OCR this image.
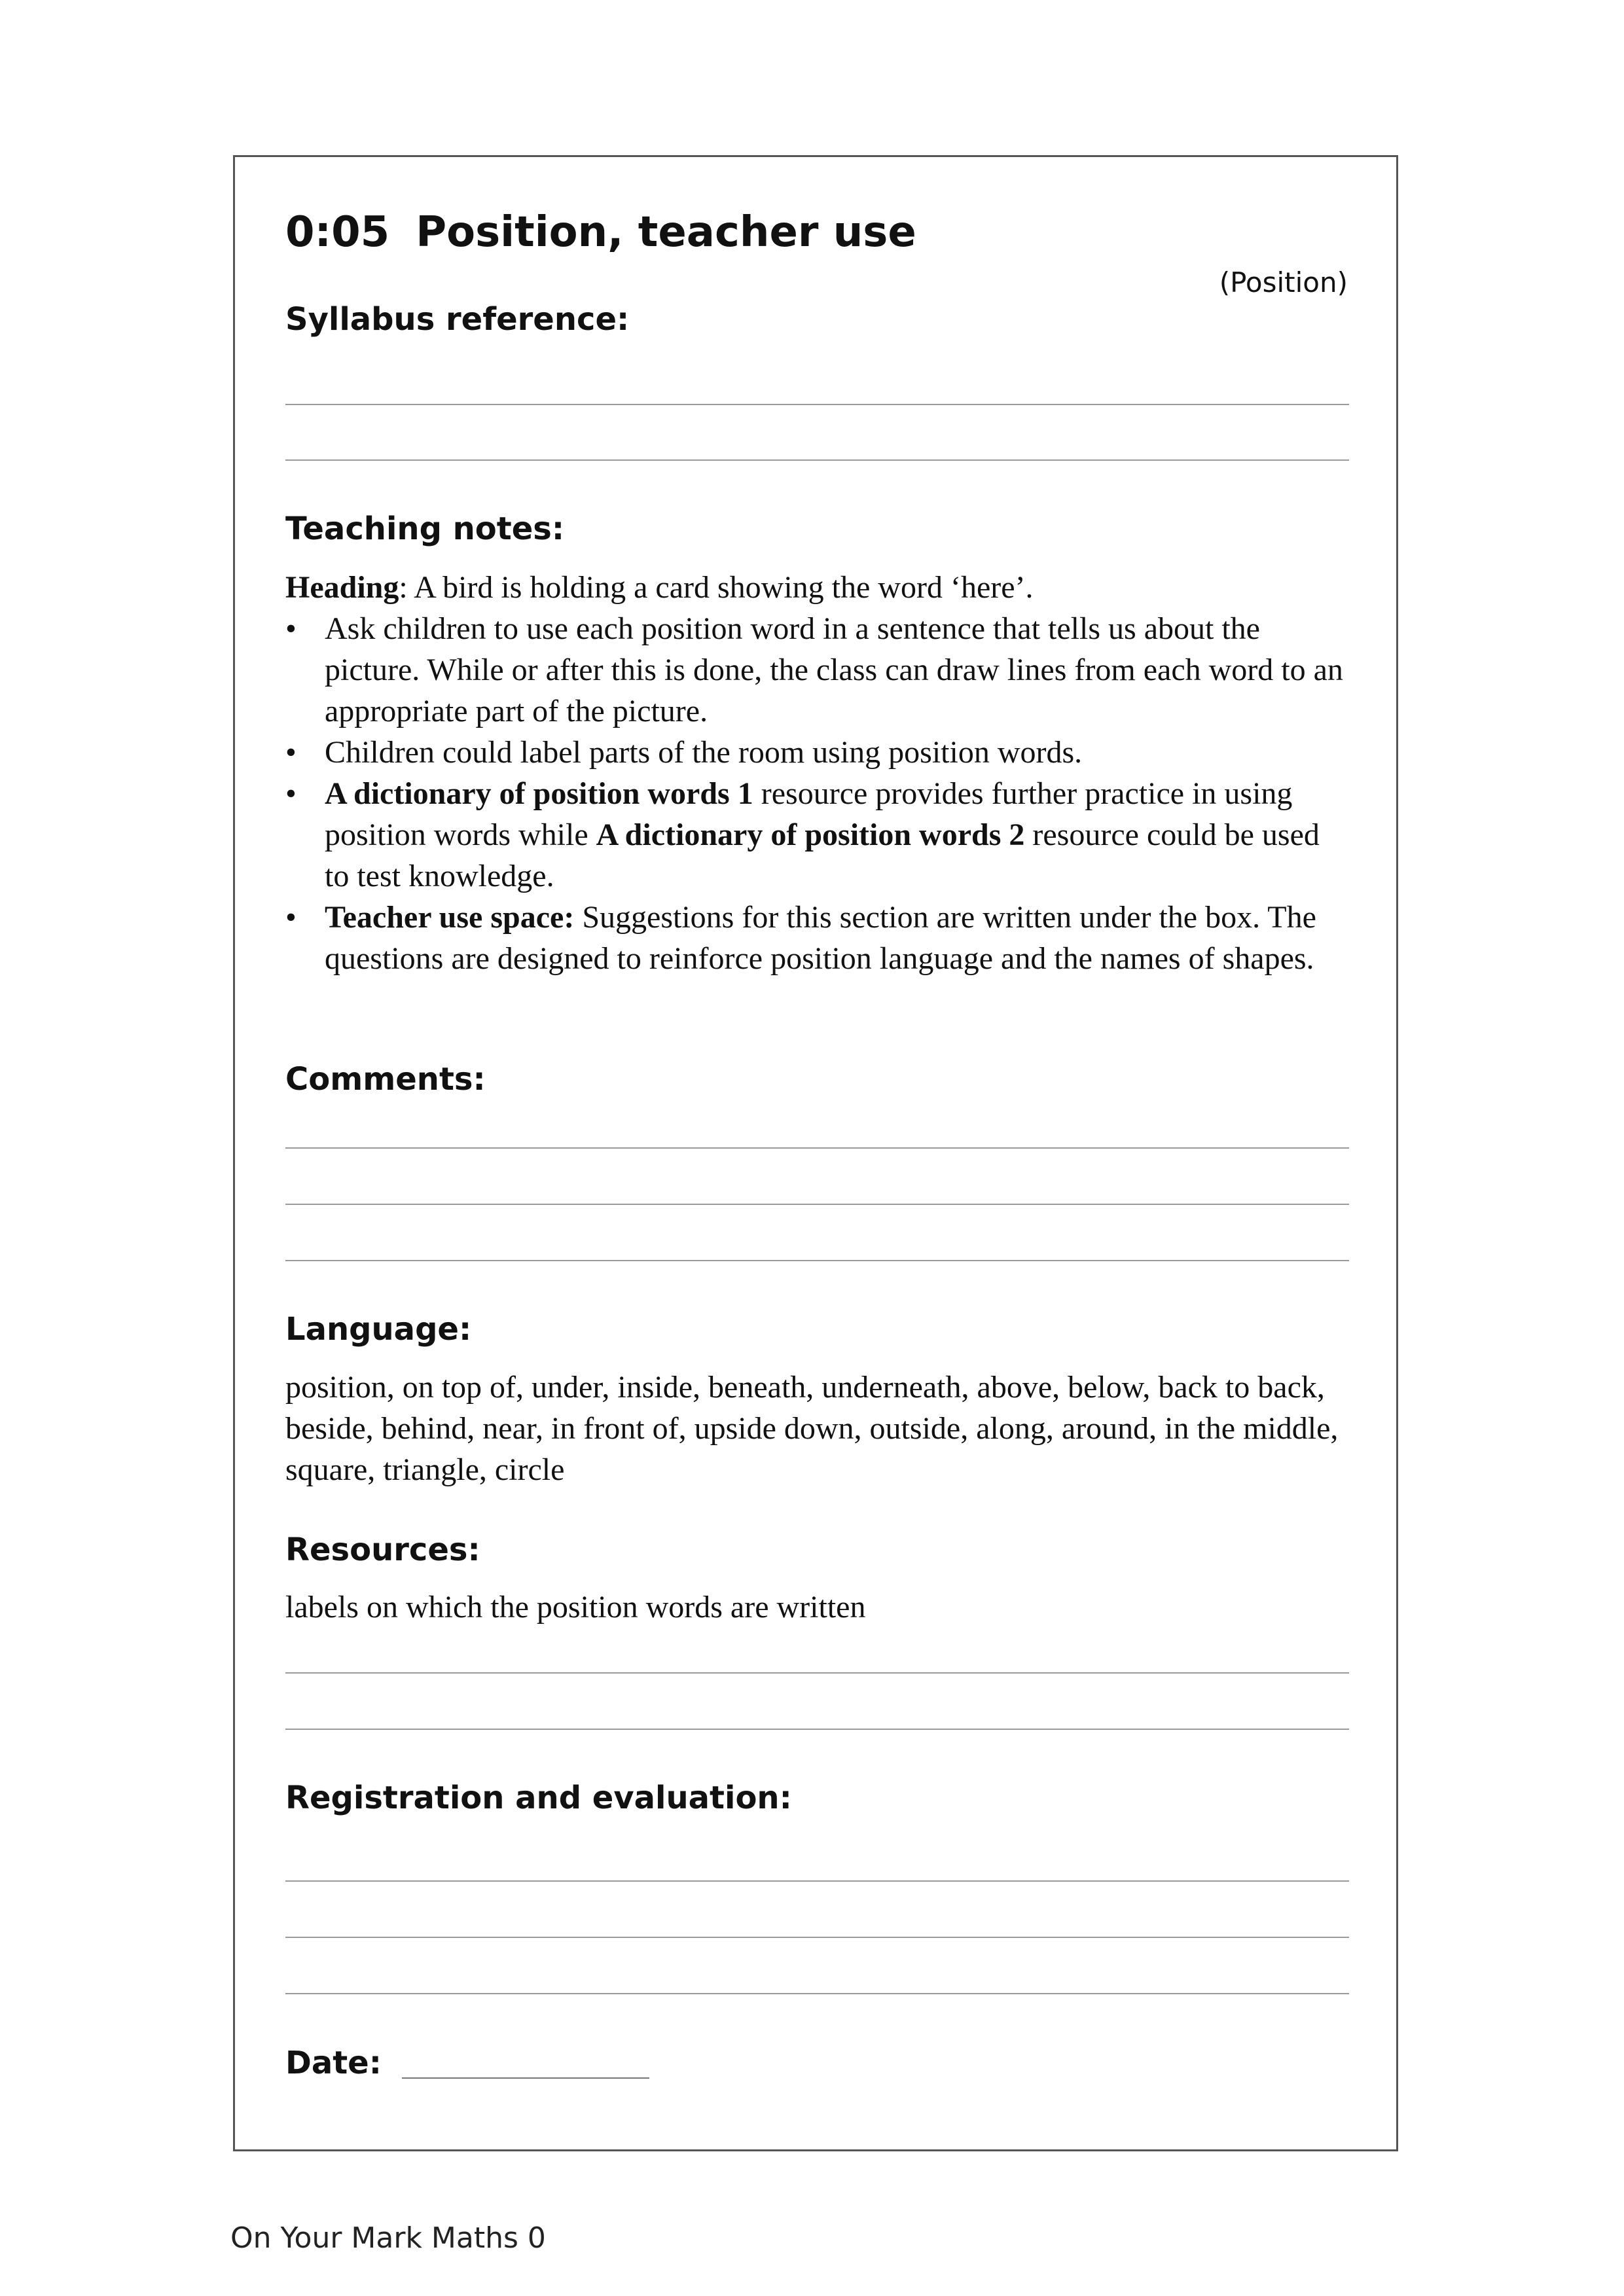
0:05 Position, teacher use
(Position)
Syllabus reference:
Teaching notes:
Heading: A bird is holding a card showing the word ‘here’.
• Ask children to use each position word in a sentence that tells us about the picture. While or after this is done, the class can draw lines from each word to an appropriate part of the picture.
• Children could label parts of the room using position words.
• A dictionary of position words 1 resource provides further practice in using position words while A dictionary of position words 2 resource could be used to test knowledge.
• Teacher use space: Suggestions for this section are written under the box. The questions are designed to reinforce position language and the names of shapes.
Comments:
Language:
position, on top of, under, inside, beneath, underneath, above, below, back to back, beside, behind, near, in front of, upside down, outside, along, around, in the middle, square, triangle, circle
Resources:
labels on which the position words are written
Registration and evaluation:
Date:
On Your Mark Maths 0
